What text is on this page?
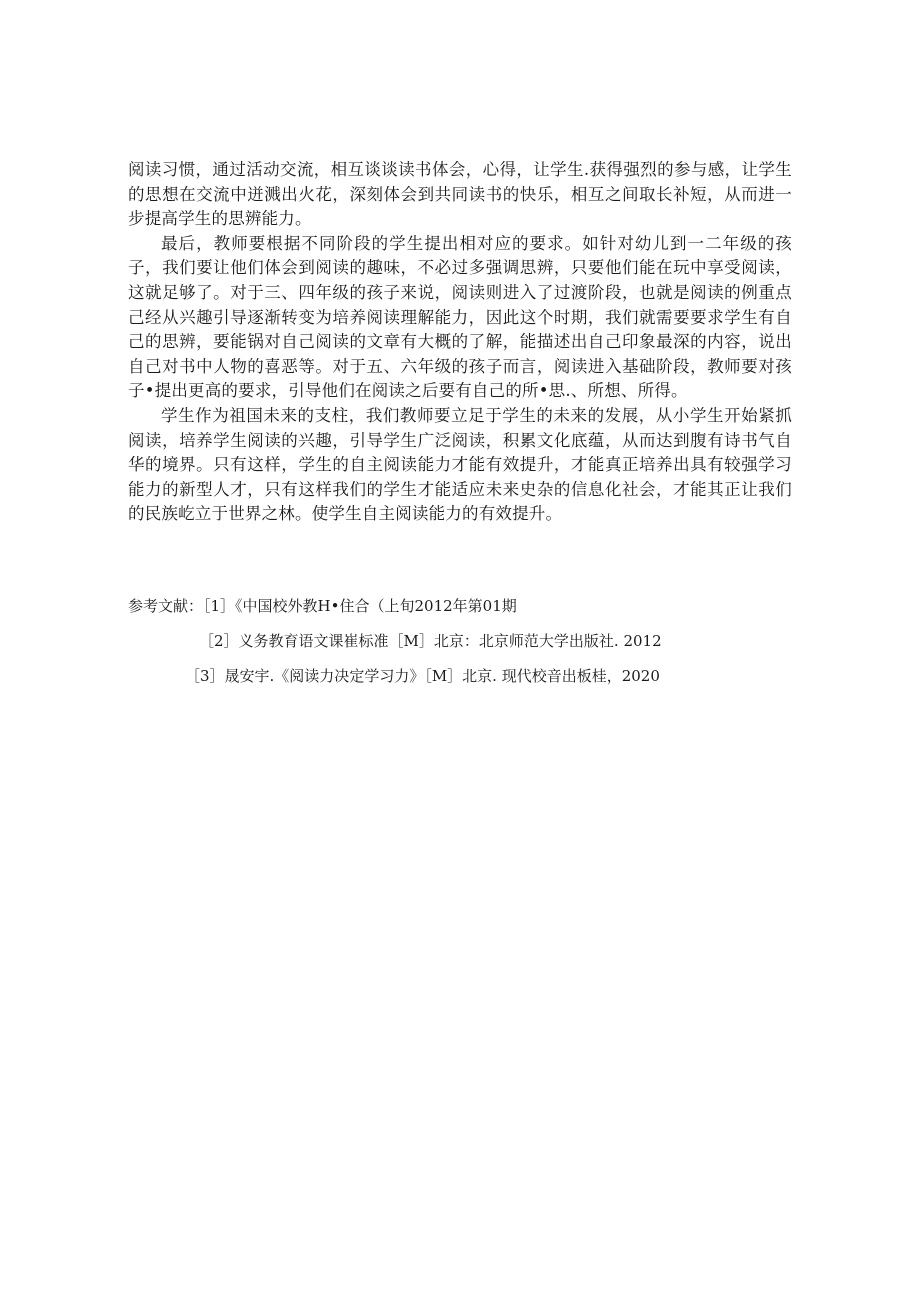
阅读习惯，通过活动交流，相互谈谈读书体会，心得，让学生.获得强烈的参与感，让学生的思想在交流中迸溅出火花，深刻体会到共同读书的快乐，相互之间取长补短，从而进一步提高学生的思辨能力。

最后，教师要根据不同阶段的学生提出相对应的要求。如针对幼儿到一二年级的孩子，我们要让他们体会到阅读的趣味，不必过多强调思辨，只要他们能在玩中享受阅读，这就足够了。对于三、四年级的孩子来说，阅读则进入了过渡阶段，也就是阅读的例重点己经从兴趣引导逐渐转变为培养阅读理解能力，因此这个时期，我们就需要要求学生有自己的思辨，要能锅对自己阅读的文章有大概的了解，能描述出自己印象最深的内容，说出自己对书中人物的喜恶等。对于五、六年级的孩子而言，阅读进入基础阶段，教师要对孩子•提出更高的要求，引导他们在阅读之后要有自己的所•思.、所想、所得。

学生作为祖国未来的支柱，我们教师要立足于学生的未来的发展，从小学生开始紧抓阅读，培养学生阅读的兴趣，引导学生广泛阅读，积累文化底蕴，从而达到腹有诗书气自华的境界。只有这样，学生的自主阅读能力才能有效提升，才能真正培养出具有较强学习能力的新型人才，只有这样我们的学生才能适应未来史杂的信息化社会，才能其正让我们的民族屹立于世界之林。使学生自主阅读能力的有效提升。

参考文献：［1］《中国校外教H•住合（上旬2012年第01期

［2］义务教育语文课崔标准［M］北京：北京师范大学出版社. 2012

［3］晟安宇.《阅读力决定学习力》［M］北京. 现代校音出板桂，2020
